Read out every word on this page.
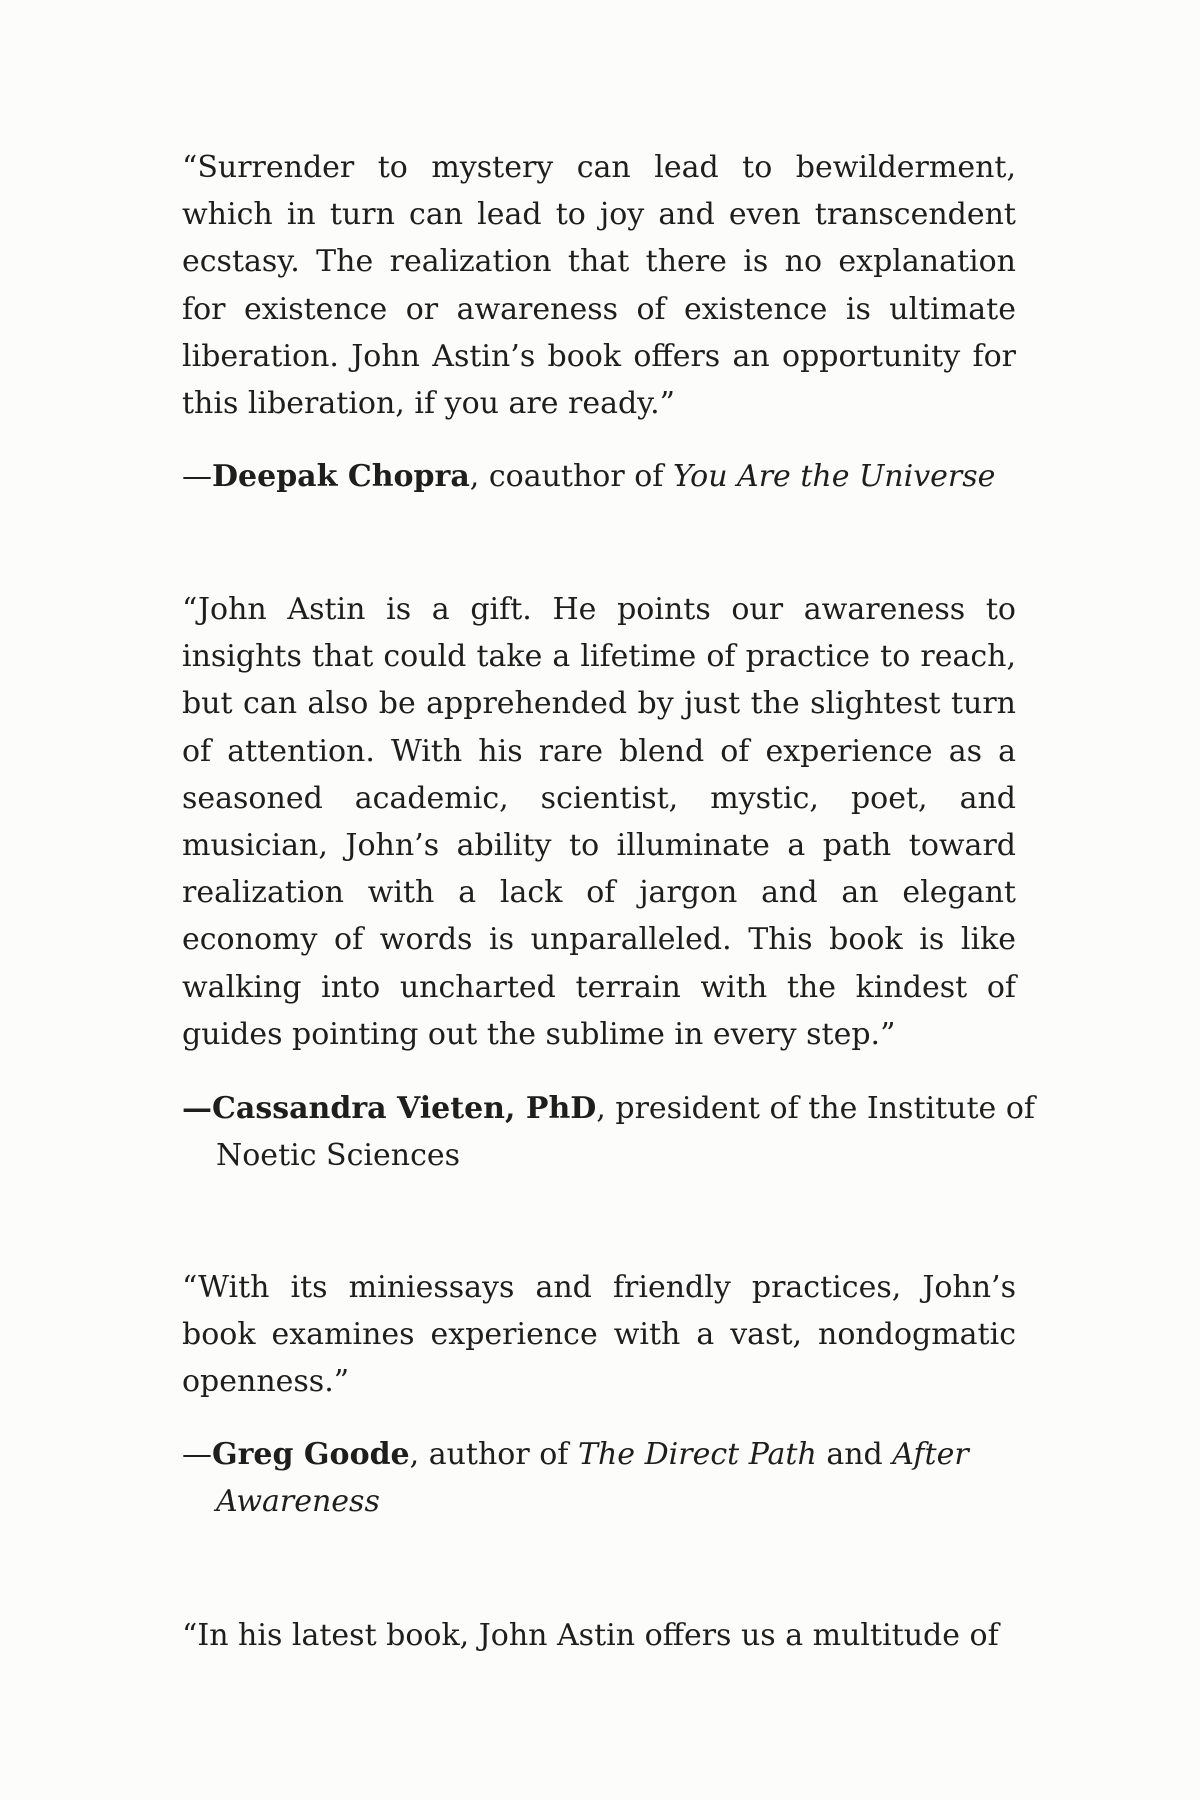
“Surrender to mystery can lead to bewilderment, which in turn can lead to joy and even transcendent ecstasy. The realization that there is no explanation for existence or awareness of existence is ultimate liberation. John Astin’s book offers an opportunity for this liberation, if you are ready.”

—Deepak Chopra, coauthor of You Are the Universe

“John Astin is a gift. He points our awareness to insights that could take a lifetime of practice to reach, but can also be apprehended by just the slightest turn of attention. With his rare blend of experience as a seasoned academic, scientist, mystic, poet, and musician, John’s ability to illuminate a path toward realization with a lack of jargon and an elegant economy of words is unparalleled. This book is like walking into uncharted terrain with the kindest of guides pointing out the sublime in every step.”

—Cassandra Vieten, PhD, president of the Institute of Noetic Sciences

“With its miniessays and friendly practices, John’s book examines experience with a vast, nondogmatic openness.”

—Greg Goode, author of The Direct Path and After Awareness

“In his latest book, John Astin offers us a multitude of
